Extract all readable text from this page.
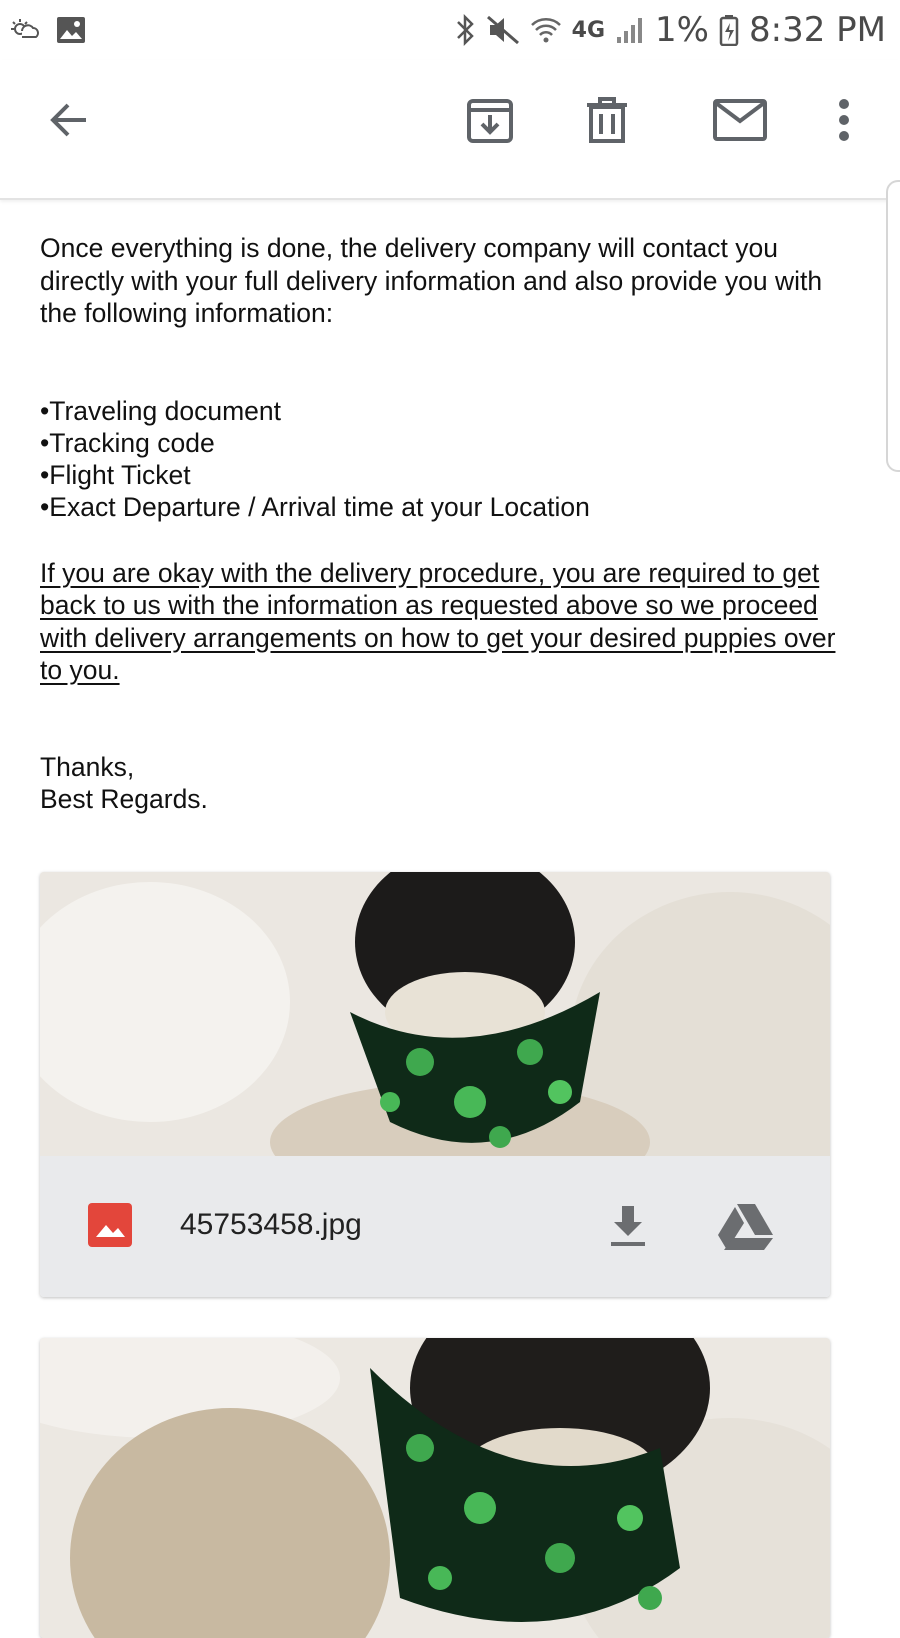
4G 1% 8:32 PM

Once everything is done, the delivery company will contact you directly with your full delivery information and also provide you with the following information:

•Traveling document
•Tracking code
•Flight Ticket
•Exact Departure / Arrival time at your Location

If you are okay with the delivery procedure, you are required to get back to us with the information as requested above so we proceed with delivery arrangements on how to get your desired puppies over to you.

Thanks,
Best Regards.
45753458.jpg
